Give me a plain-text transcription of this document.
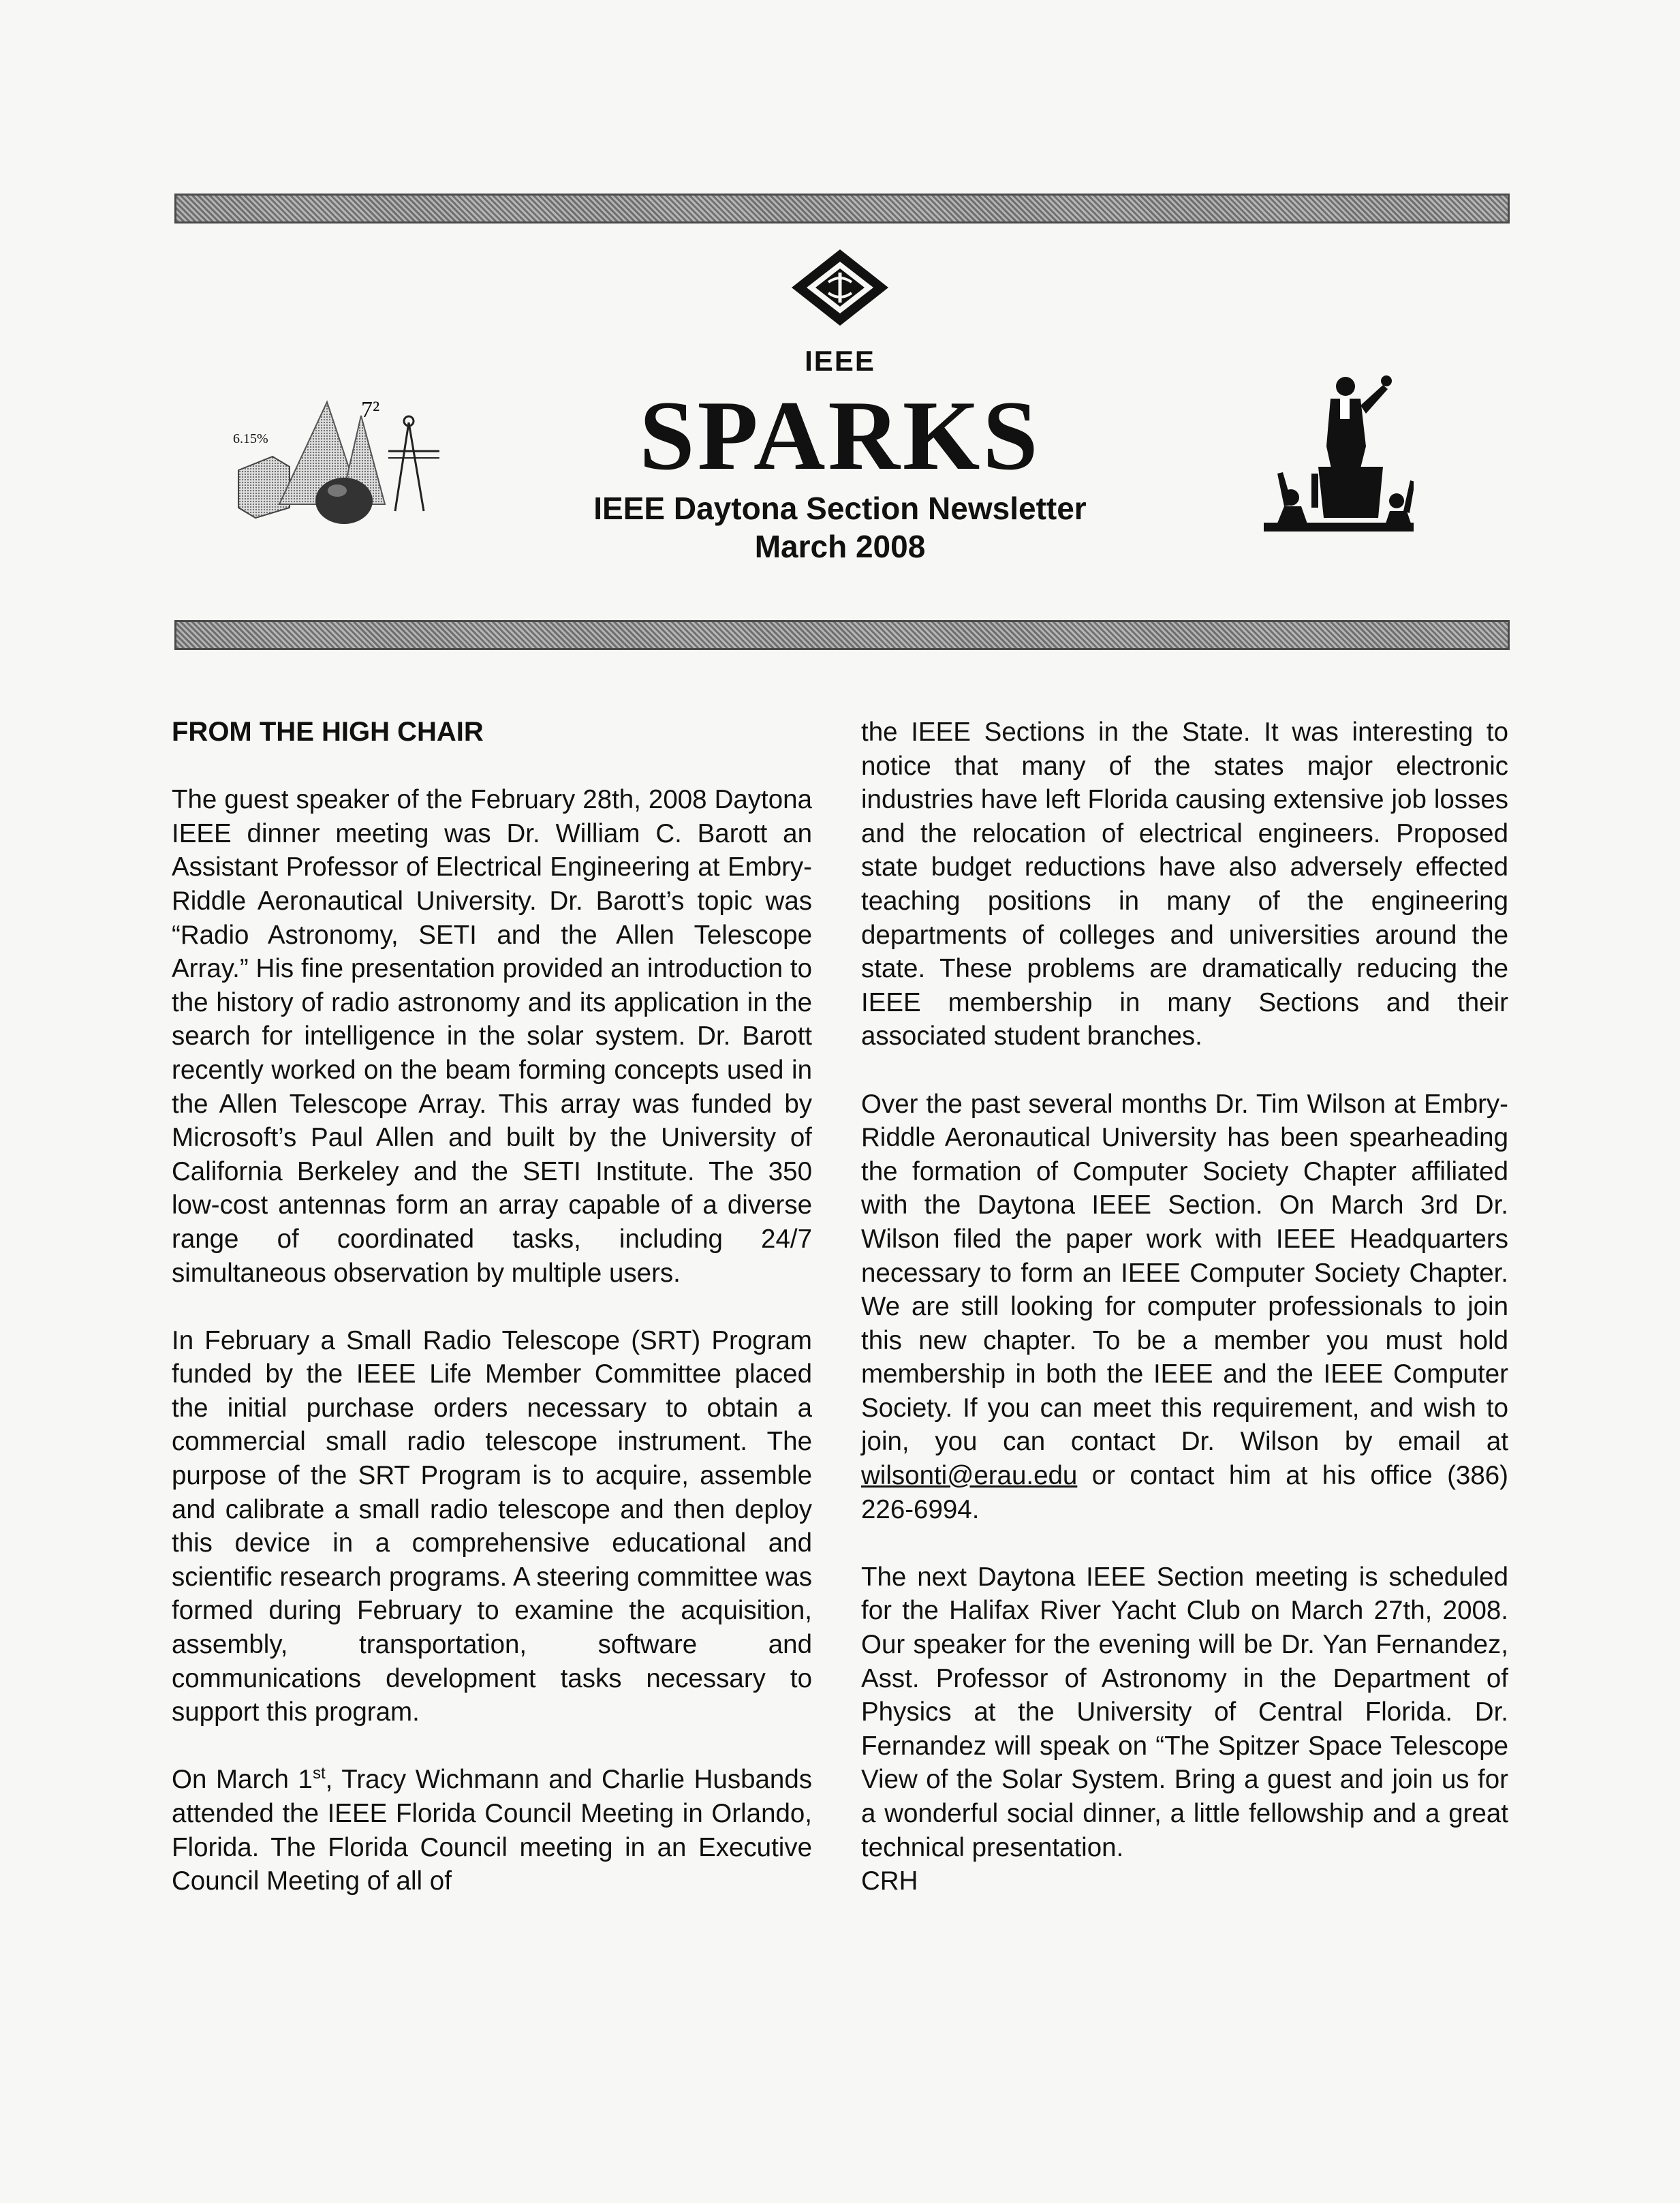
IEEE
SPARKS
IEEE Daytona Section Newsletter
March 2008
6.15%
7²
FROM THE HIGH CHAIR

The guest speaker of the February 28th, 2008 Daytona IEEE dinner meeting was Dr. William C. Barott an Assistant Professor of Electrical Engineering at Embry-Riddle Aeronautical University. Dr. Barott’s topic was “Radio Astronomy, SETI and the Allen Telescope Array.” His fine presentation provided an introduction to the history of radio astronomy and its application in the search for intelligence in the solar system. Dr. Barott recently worked on the beam forming concepts used in the Allen Telescope Array. This array was funded by Microsoft’s Paul Allen and built by the University of California Berkeley and the SETI Institute. The 350 low-cost antennas form an array capable of a diverse range of coordinated tasks, including 24/7 simultaneous observation by multiple users.

In February a Small Radio Telescope (SRT) Program funded by the IEEE Life Member Committee placed the initial purchase orders necessary to obtain a commercial small radio telescope instrument. The purpose of the SRT Program is to acquire, assemble and calibrate a small radio telescope and then deploy this device in a comprehensive educational and scientific research programs. A steering committee was formed during February to examine the acquisition, assembly, transportation, software and communications development tasks necessary to support this program.

On March 1st, Tracy Wichmann and Charlie Husbands attended the IEEE Florida Council Meeting in Orlando, Florida. The Florida Council meeting in an Executive Council Meeting of all of

the IEEE Sections in the State. It was interesting to notice that many of the states major electronic industries have left Florida causing extensive job losses and the relocation of electrical engineers. Proposed state budget reductions have also adversely effected teaching positions in many of the engineering departments of colleges and universities around the state. These problems are dramatically reducing the IEEE membership in many Sections and their associated student branches.

Over the past several months Dr. Tim Wilson at Embry-Riddle Aeronautical University has been spearheading the formation of Computer Society Chapter affiliated with the Daytona IEEE Section. On March 3rd Dr. Wilson filed the paper work with IEEE Headquarters necessary to form an IEEE Computer Society Chapter. We are still looking for computer professionals to join this new chapter. To be a member you must hold membership in both the IEEE and the IEEE Computer Society. If you can meet this requirement, and wish to join, you can contact Dr. Wilson by email at wilsonti@erau.edu or contact him at his office (386) 226-6994.

The next Daytona IEEE Section meeting is scheduled for the Halifax River Yacht Club on March 27th, 2008. Our speaker for the evening will be Dr. Yan Fernandez, Asst. Professor of Astronomy in the Department of Physics at the University of Central Florida. Dr. Fernandez will speak on “The Spitzer Space Telescope View of the Solar System. Bring a guest and join us for a wonderful social dinner, a little fellowship and a great technical presentation.

CRH
